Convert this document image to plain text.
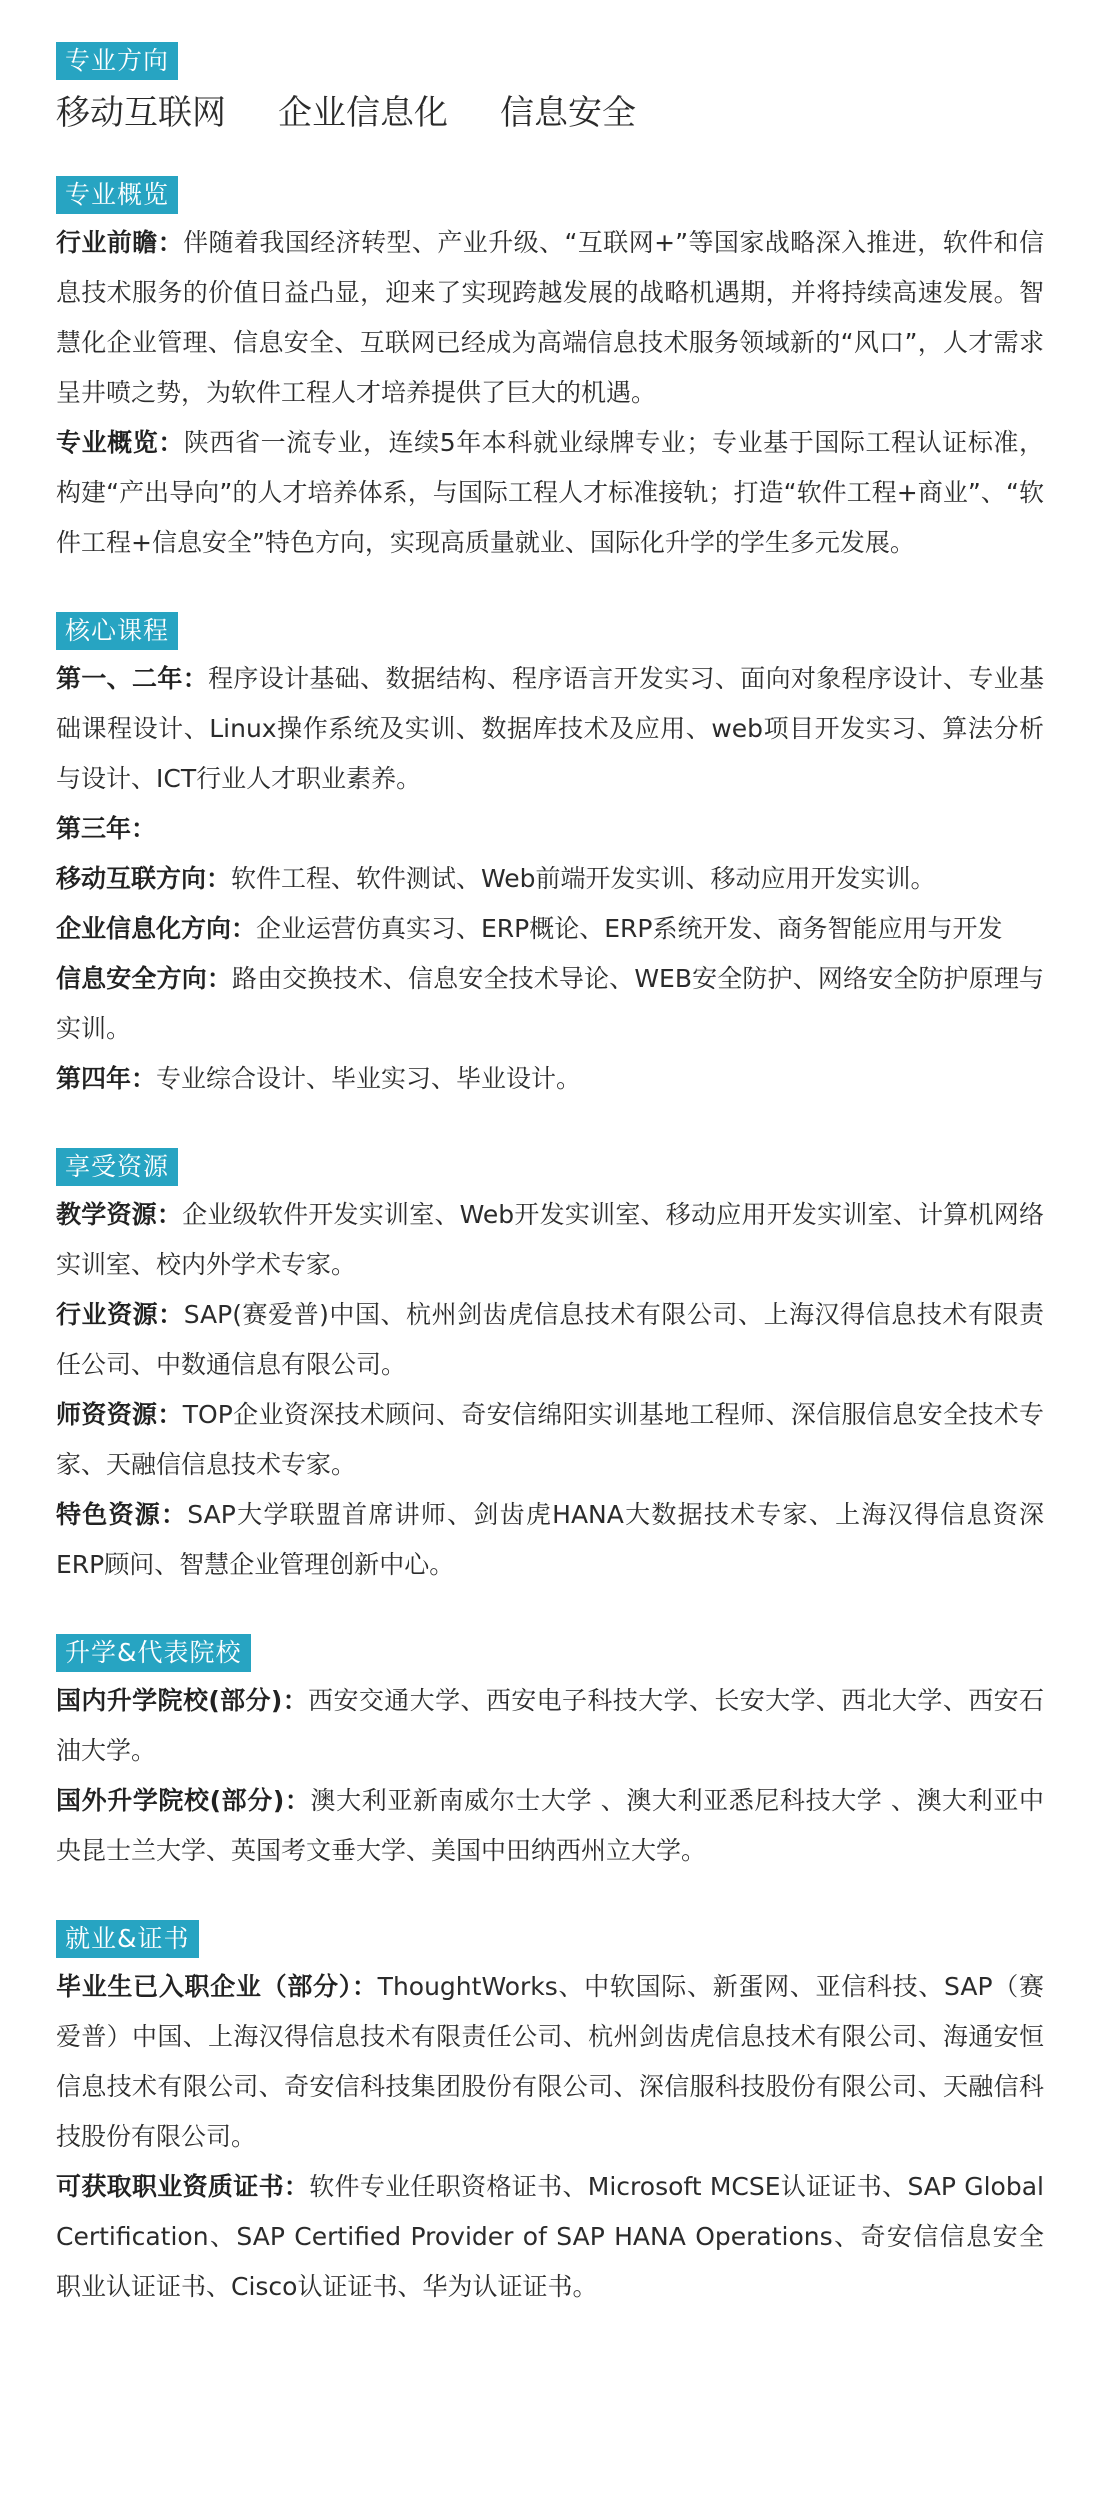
专业方向
移动互联网 企业信息化 信息安全
专业概览

行业前瞻：伴随着我国经济转型、产业升级、“互联网+”等国家战略深入推进，软件和信息技术服务的价值日益凸显，迎来了实现跨越发展的战略机遇期，并将持续高速发展。智慧化企业管理、信息安全、互联网已经成为高端信息技术服务领域新的“风口”，人才需求呈井喷之势，为软件工程人才培养提供了巨大的机遇。

专业概览：陕西省一流专业，连续5年本科就业绿牌专业；专业基于国际工程认证标准，构建“产出导向”的人才培养体系，与国际工程人才标准接轨；打造“软件工程+商业”、“软件工程+信息安全”特色方向，实现高质量就业、国际化升学的学生多元发展。

核心课程

第一、二年：程序设计基础、数据结构、程序语言开发实习、面向对象程序设计、专业基础课程设计、Linux操作系统及实训、数据库技术及应用、web项目开发实习、算法分析与设计、ICT行业人才职业素养。

第三年：

移动互联方向：软件工程、软件测试、Web前端开发实训、移动应用开发实训。

企业信息化方向：企业运营仿真实习、ERP概论、ERP系统开发、商务智能应用与开发

信息安全方向：路由交换技术、信息安全技术导论、WEB安全防护、网络安全防护原理与实训。

第四年：专业综合设计、毕业实习、毕业设计。

享受资源

教学资源：企业级软件开发实训室、Web开发实训室、移动应用开发实训室、计算机网络实训室、校内外学术专家。

行业资源：SAP(赛爱普)中国、杭州剑齿虎信息技术有限公司、上海汉得信息技术有限责任公司、中数通信息有限公司。

师资资源：TOP企业资深技术顾问、奇安信绵阳实训基地工程师、深信服信息安全技术专家、天融信信息技术专家。

特色资源：SAP大学联盟首席讲师、剑齿虎HANA大数据技术专家、上海汉得信息资深ERP顾问、智慧企业管理创新中心。

升学&代表院校

国内升学院校(部分)：西安交通大学、西安电子科技大学、长安大学、西北大学、西安石油大学。

国外升学院校(部分)：澳大利亚新南威尔士大学 、澳大利亚悉尼科技大学 、澳大利亚中央昆士兰大学、英国考文垂大学、美国中田纳西州立大学。

就业&证书

毕业生已入职企业（部分）：ThoughtWorks、中软国际、新蛋网、亚信科技、SAP（赛爱普）中国、上海汉得信息技术有限责任公司、杭州剑齿虎信息技术有限公司、海通安恒信息技术有限公司、奇安信科技集团股份有限公司、深信服科技股份有限公司、天融信科技股份有限公司。

可获取职业资质证书：软件专业任职资格证书、Microsoft MCSE认证证书、SAP Global Certification、SAP Certified Provider of SAP HANA Operations、奇安信信息安全职业认证证书、Cisco认证证书、华为认证证书。
